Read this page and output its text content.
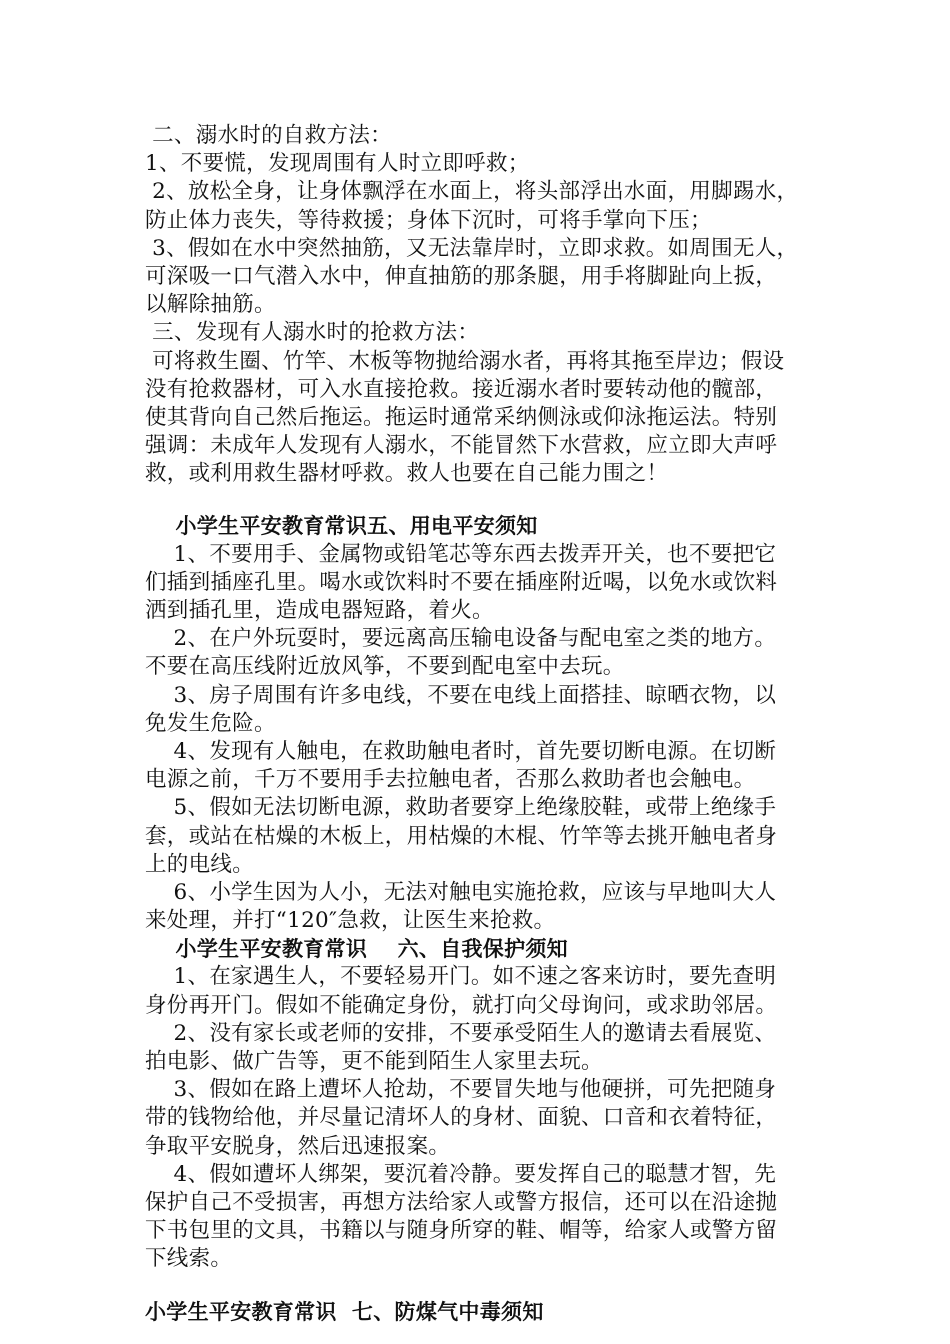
二、溺水时的自救方法：
1、不要慌，发现周围有人时立即呼救；
2、放松全身，让身体飘浮在水面上，将头部浮出水面，用脚踢水，
防止体力丧失，等待救援；身体下沉时，可将手掌向下压；
3、假如在水中突然抽筋，又无法靠岸时，立即求救。如周围无人，
可深吸一口气潜入水中，伸直抽筋的那条腿，用手将脚趾向上扳，
以解除抽筋。
三、发现有人溺水时的抢救方法：
可将救生圈、竹竿、木板等物抛给溺水者，再将其拖至岸边；假设
没有抢救器材，可入水直接抢救。接近溺水者时要转动他的髋部，
使其背向自己然后拖运。拖运时通常采纳侧泳或仰泳拖运法。特别
强调：未成年人发现有人溺水，不能冒然下水营救，应立即大声呼
救，或利用救生器材呼救。救人也要在自己能力围之！
小学生平安教育常识五、用电平安须知
1、不要用手、金属物或铅笔芯等东西去拨弄开关，也不要把它
们插到插座孔里。喝水或饮料时不要在插座附近喝，以免水或饮料
洒到插孔里，造成电器短路，着火。
2、在户外玩耍时，要远离高压输电设备与配电室之类的地方。
不要在高压线附近放风筝，不要到配电室中去玩。
3、房子周围有许多电线，不要在电线上面搭挂、晾晒衣物，以
免发生危险。
4、发现有人触电，在救助触电者时，首先要切断电源。在切断
电源之前，千万不要用手去拉触电者，否那么救助者也会触电。
5、假如无法切断电源，救助者要穿上绝缘胶鞋，或带上绝缘手
套，或站在枯燥的木板上，用枯燥的木棍、竹竿等去挑开触电者身
上的电线。
6、小学生因为人小，无法对触电实施抢救，应该与早地叫大人
来处理，并打“120″急救，让医生来抢救。
小学生平安教育常识    六、自我保护须知
1、在家遇生人，不要轻易开门。如不速之客来访时，要先查明
身份再开门。假如不能确定身份，就打向父母询问，或求助邻居。
2、没有家长或老师的安排，不要承受陌生人的邀请去看展览、
拍电影、做广告等，更不能到陌生人家里去玩。
3、假如在路上遭坏人抢劫，不要冒失地与他硬拼，可先把随身
带的钱物给他，并尽量记清坏人的身材、面貌、口音和衣着特征，
争取平安脱身，然后迅速报案。
4、假如遭坏人绑架，要沉着冷静。要发挥自己的聪慧才智，先
保护自己不受损害，再想方法给家人或警方报信，还可以在沿途抛
下书包里的文具，书籍以与随身所穿的鞋、帽等，给家人或警方留
下线索。
小学生平安教育常识  七、防煤气中毒须知
